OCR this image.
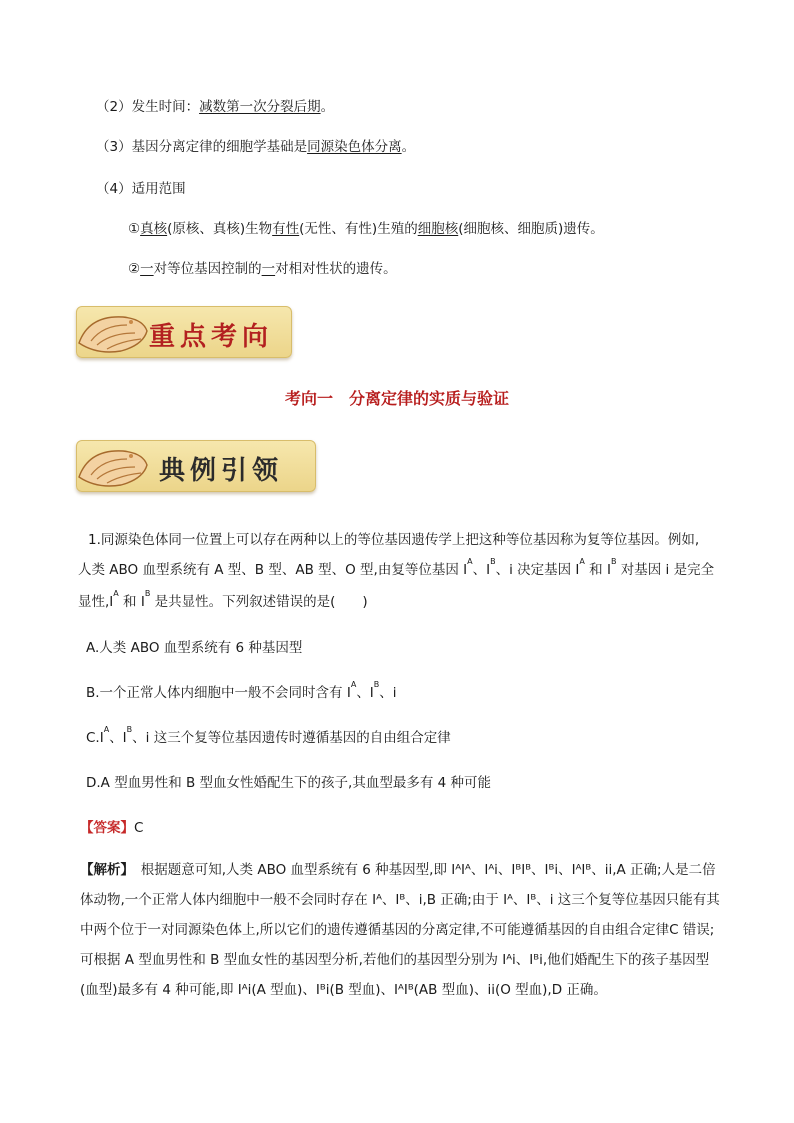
（2）发生时间：减数第一次分裂后期。
（3）基因分离定律的细胞学基础是同源染色体分离。
（4）适用范围
①真核(原核、真核)生物有性(无性、有性)生殖的细胞核(细胞核、细胞质)遗传。
②一对等位基因控制的一对相对性状的遗传。
重点考向
考向一　分离定律的实质与验证
典例引领
1.同源染色体同一位置上可以存在两种以上的等位基因遗传学上把这种等位基因称为复等位基因。例如,
人类 ABO 血型系统有 A 型、B 型、AB 型、O 型,由复等位基因 $I^A$、$I^B$、i 决定基因 $I^A$ 和 $I^B$ 对基因 i 是完全
显性$,I^A$ 和 $I^B$ 是共显性。下列叙述错误的是(　　)
A.人类 ABO 血型系统有 6 种基因型
B.一个正常人体内细胞中一般不会同时含有 $I^A$、$I^B$、i
$C.I^A$、$I^B$、i 这三个复等位基因遗传时遵循基因的自由组合定律
D.A 型血男性和 B 型血女性婚配生下的孩子,其血型最多有 4 种可能
【答案】C
【解析】　根据题意可知,人类 ABO 血型系统有 6 种基因型,即 IᴬIᴬ、Iᴬi、IᴮIᴮ、Iᴮi、IᴬIᴮ、ii,A 正确;人是二倍体动物,一个正常人体内细胞中一般不会同时存在 Iᴬ、Iᴮ、i,B 正确;由于 Iᴬ、Iᴮ、i 这三个复等位基因只能有其中两个位于一对同源染色体上,所以它们的遗传遵循基因的分离定律,不可能遵循基因的自由组合定律C 错误;可根据 A 型血男性和 B 型血女性的基因型分析,若他们的基因型分别为 Iᴬi、Iᴮi,他们婚配生下的孩子基因型(血型)最多有 4 种可能,即 Iᴬi(A 型血)、Iᴮi(B 型血)、IᴬIᴮ(AB 型血)、ii(O 型血),D 正确。
